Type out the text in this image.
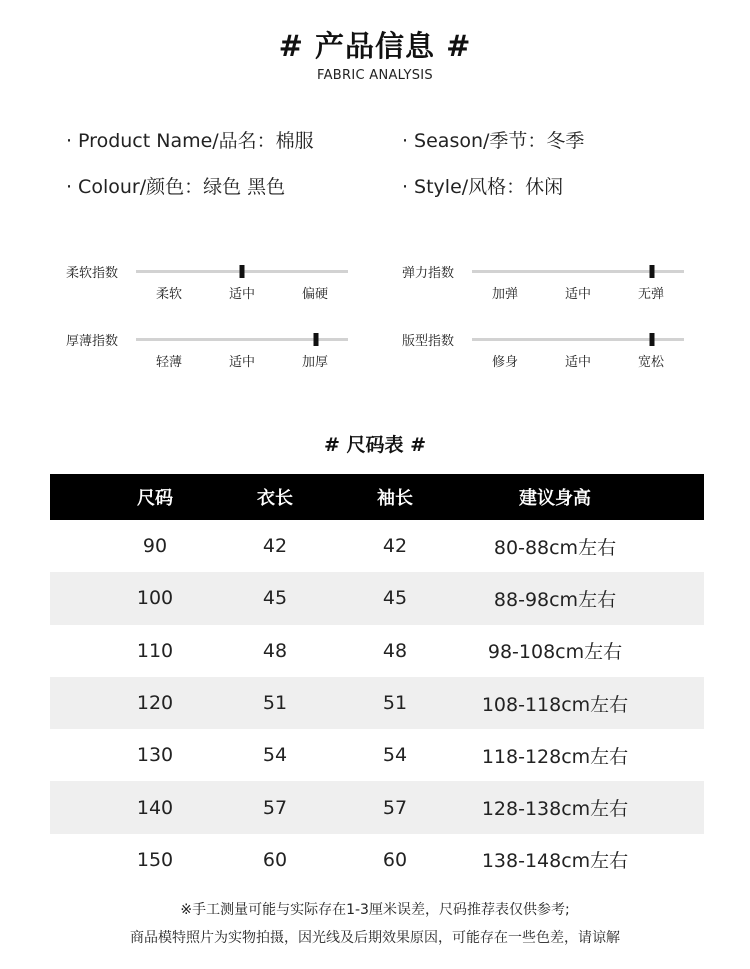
# 产品信息 #
FABRIC ANALYSIS
· Product Name/品名：棉服	· Season/季节：冬季
· Colour/颜色：绿色 黑色	· Style/风格：休闲
柔软指数
柔软	适中	偏硬
弹力指数
加弹	适中	无弹
厚薄指数
轻薄	适中	加厚
版型指数
修身	适中	宽松
# 尺码表 #
尺码	衣长	袖长	建议身高
90	42	42	80-88cm左右
100	45	45	88-98cm左右
110	48	48	98-108cm左右
120	51	51	108-118cm左右
130	54	54	118-128cm左右
140	57	57	128-138cm左右
150	60	60	138-148cm左右
※手工测量可能与实际存在1-3厘米误差，尺码推荐表仅供参考;
商品模特照片为实物拍摄，因光线及后期效果原因，可能存在一些色差，请谅解
